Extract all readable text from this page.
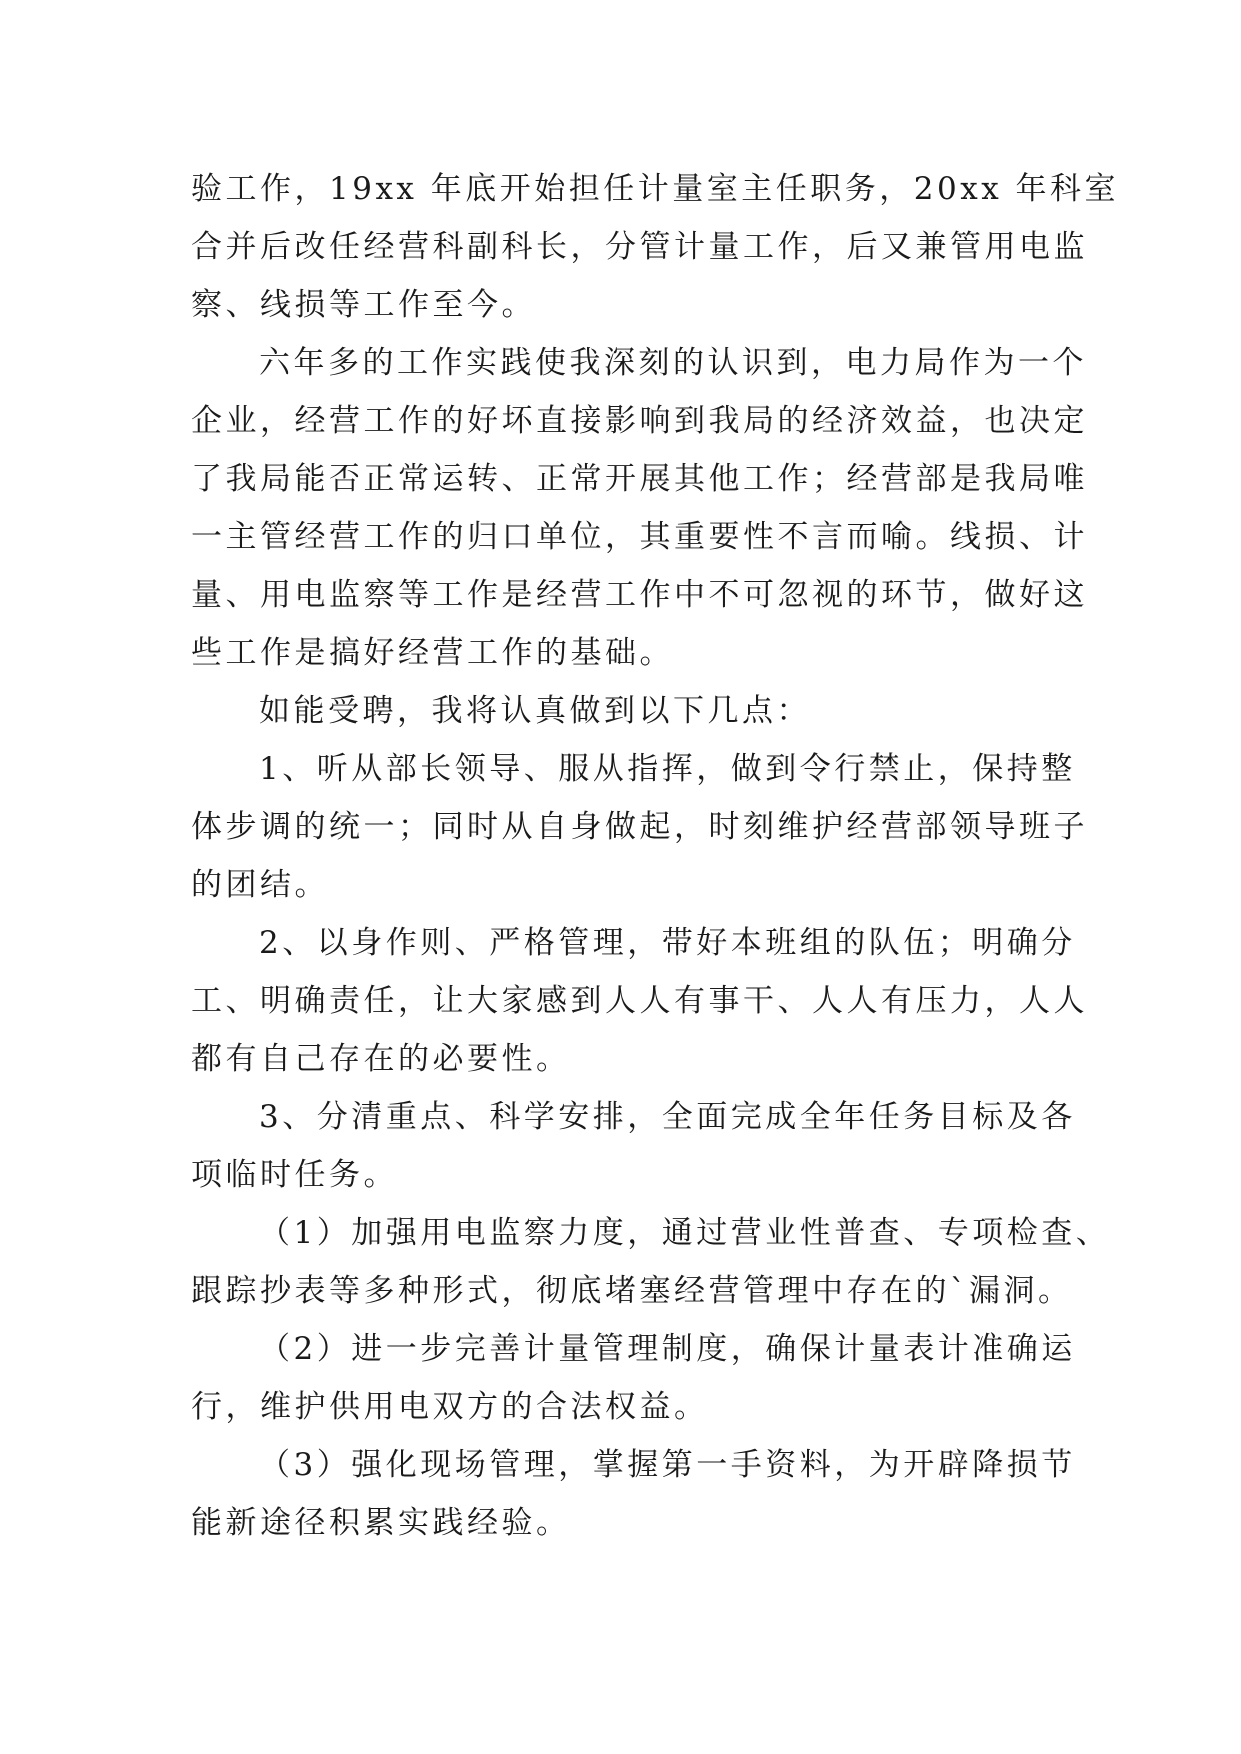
验工作，19xx 年底开始担任计量室主任职务，20xx 年科室
合并后改任经营科副科长，分管计量工作，后又兼管用电监
察、线损等工作至今。
六年多的工作实践使我深刻的认识到，电力局作为一个
企业，经营工作的好坏直接影响到我局的经济效益，也决定
了我局能否正常运转、正常开展其他工作；经营部是我局唯
一主管经营工作的归口单位，其重要性不言而喻。线损、计
量、用电监察等工作是经营工作中不可忽视的环节，做好这
些工作是搞好经营工作的基础。
如能受聘，我将认真做到以下几点：
1、听从部长领导、服从指挥，做到令行禁止，保持整
体步调的统一；同时从自身做起，时刻维护经营部领导班子
的团结。
2、以身作则、严格管理，带好本班组的队伍；明确分
工、明确责任，让大家感到人人有事干、人人有压力，人人
都有自己存在的必要性。
3、分清重点、科学安排，全面完成全年任务目标及各
项临时任务。
（1）加强用电监察力度，通过营业性普查、专项检查、
跟踪抄表等多种形式，彻底堵塞经营管理中存在的`漏洞。
（2）进一步完善计量管理制度，确保计量表计准确运
行，维护供用电双方的合法权益。
（3）强化现场管理，掌握第一手资料，为开辟降损节
能新途径积累实践经验。
